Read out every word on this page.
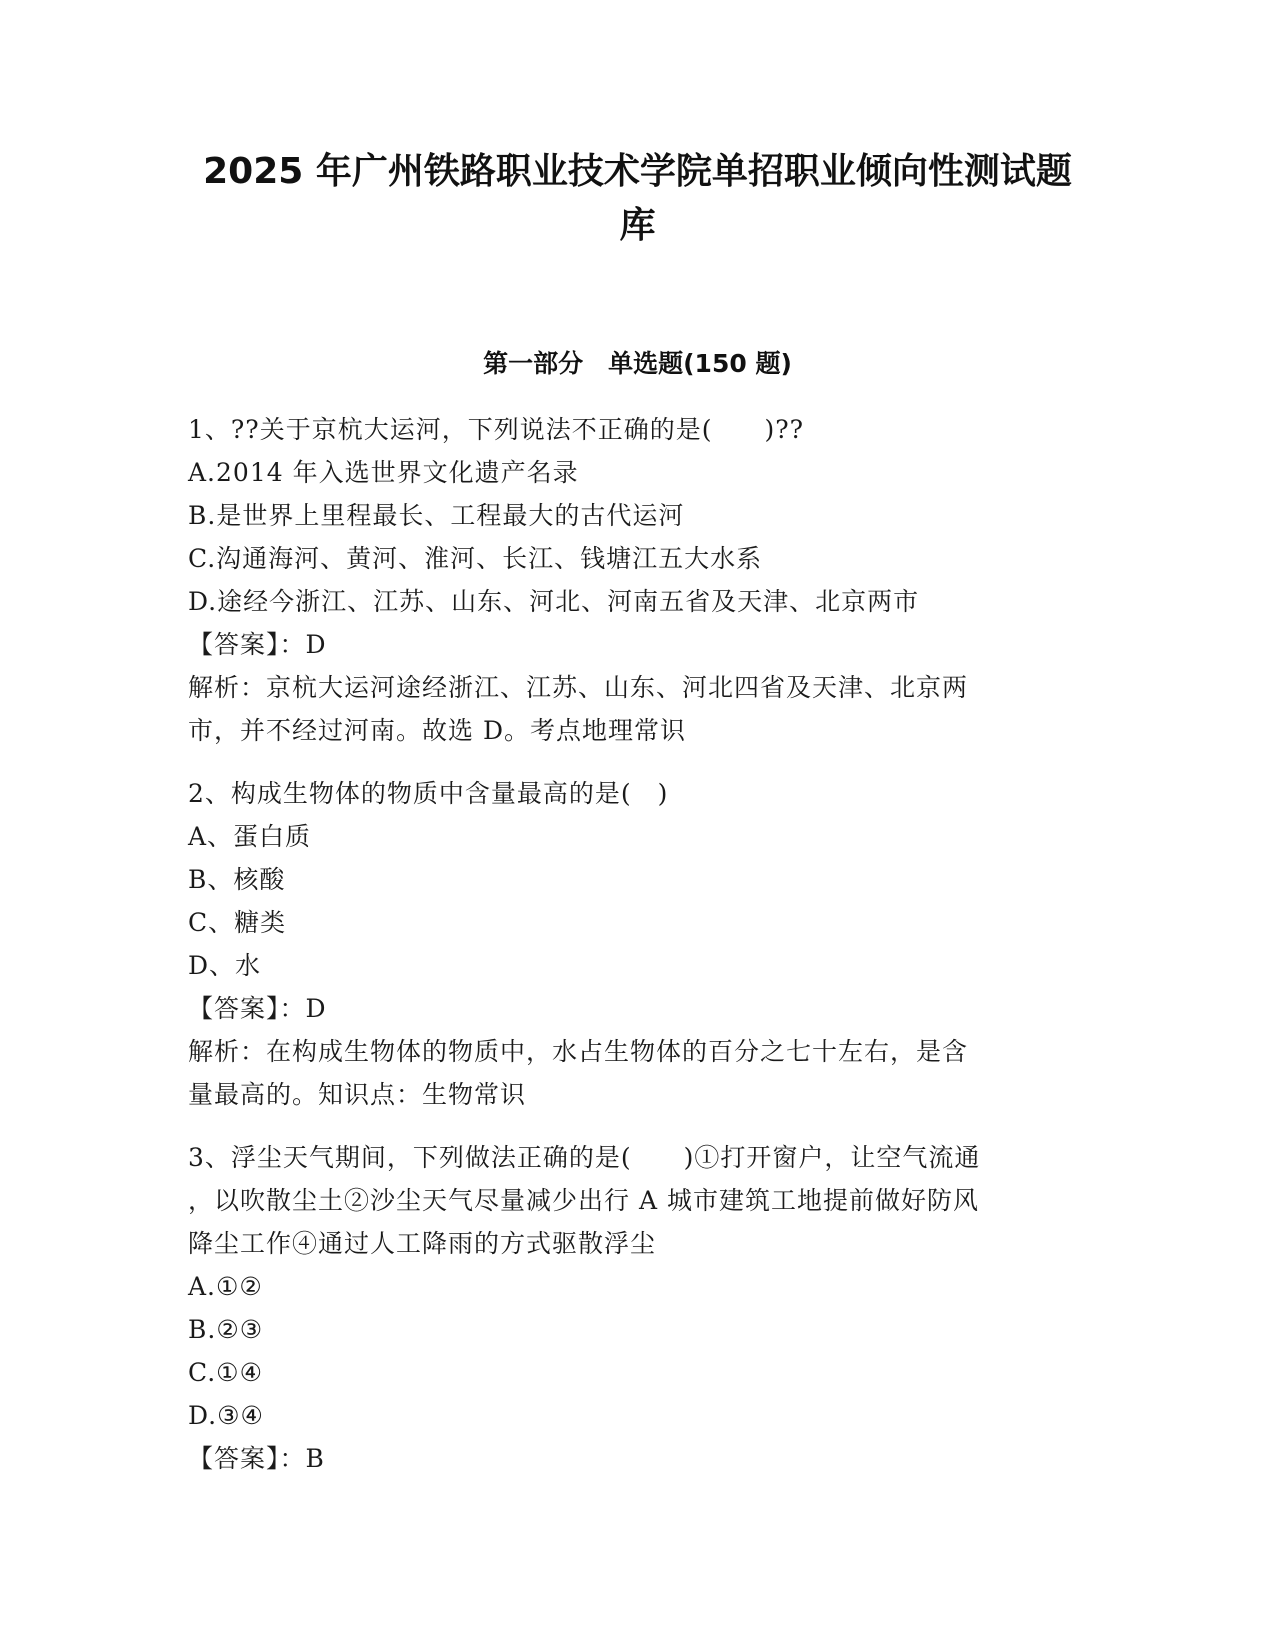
2025 年广州铁路职业技术学院单招职业倾向性测试题
库
第一部分　单选题(150 题)
1、??关于京杭大运河，下列说法不正确的是(　　)??
A.2014 年入选世界文化遗产名录
B.是世界上里程最长、工程最大的古代运河
C.沟通海河、黄河、淮河、长江、钱塘江五大水系
D.途经今浙江、江苏、山东、河北、河南五省及天津、北京两市
【答案】：D
解析：京杭大运河途经浙江、江苏、山东、河北四省及天津、北京两
市，并不经过河南。故选 D。考点地理常识
2、构成生物体的物质中含量最高的是(　)
A、蛋白质
B、核酸
C、糖类
D、水
【答案】：D
解析：在构成生物体的物质中，水占生物体的百分之七十左右，是含
量最高的。知识点：生物常识
3、浮尘天气期间，下列做法正确的是(　　)①打开窗户，让空气流通
，以吹散尘土②沙尘天气尽量减少出行 A 城市建筑工地提前做好防风
降尘工作④通过人工降雨的方式驱散浮尘
A.①②
B.②③
C.①④
D.③④
【答案】：B
